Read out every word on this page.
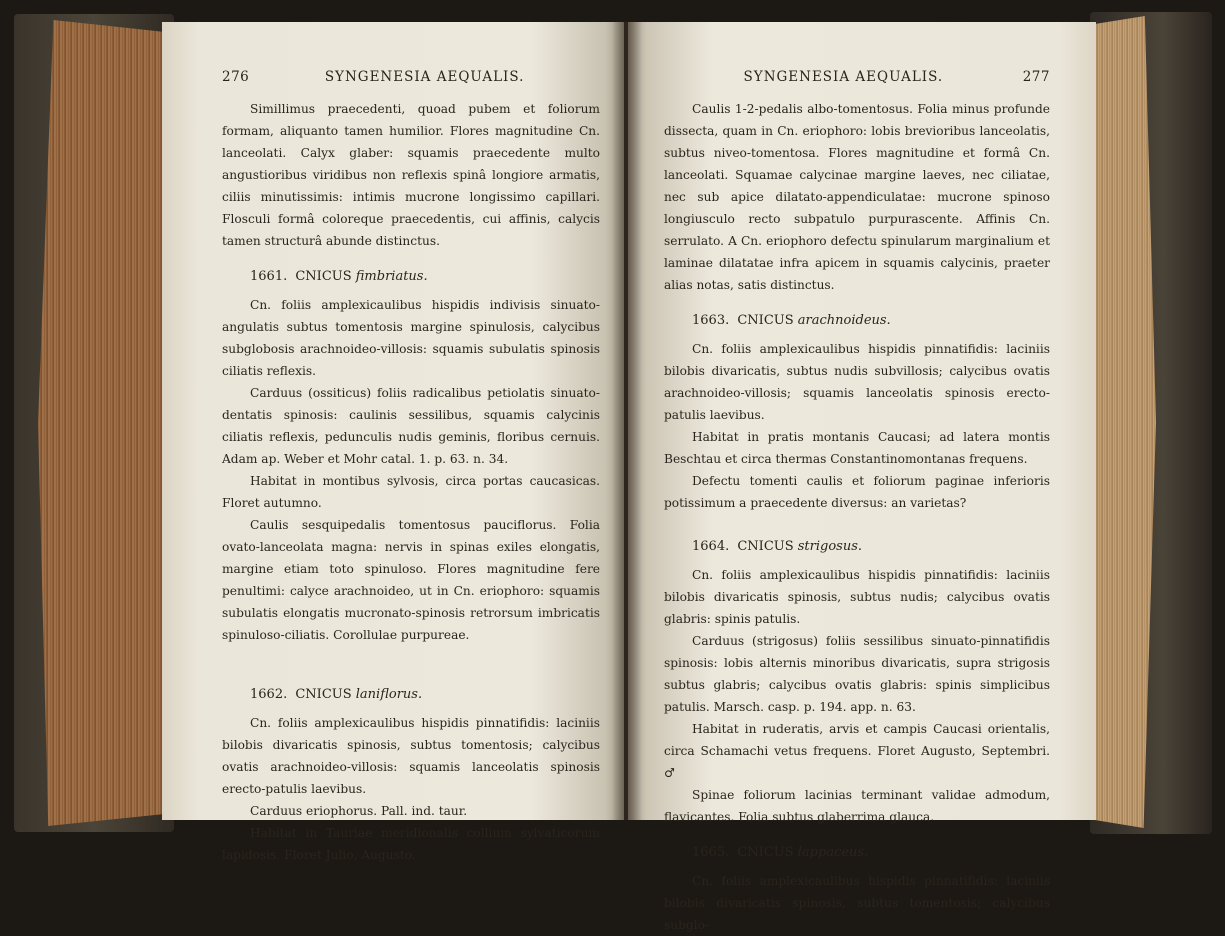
276	SYNGENESIA AEQUALIS.

Simillimus praecedenti, quoad pubem et foliorum formam, aliquanto tamen humilior. Flores magnitudine Cn. lanceolati. Calyx glaber: squamis praecedente multo angustioribus viridibus non reflexis spinâ longiore armatis, ciliis minutissimis: intimis mucrone longissimo capillari. Flosculi formâ coloreque praecedentis, cui affinis, calycis tamen structurâ abunde distinctus.

1661. CNICUS fimbriatus.

Cn. foliis amplexicaulibus hispidis indivisis sinuato-angulatis subtus tomentosis margine spinulosis, calycibus subglobosis arachnoideo-villosis: squamis subulatis spinosis ciliatis reflexis.

Carduus (ossiticus) foliis radicalibus petiolatis sinuato-dentatis spinosis: caulinis sessilibus, squamis calycinis ciliatis reflexis, pedunculis nudis geminis, floribus cernuis. Adam ap. Weber et Mohr catal. 1. p. 63. n. 34.

Habitat in montibus sylvosis, circa portas caucasicas. Floret autumno.

Caulis sesquipedalis tomentosus pauciflorus. Folia ovato-lanceolata magna: nervis in spinas exiles elongatis, margine etiam toto spinuloso. Flores magnitudine fere penultimi: calyce arachnoideo, ut in Cn. eriophoro: squamis subulatis elongatis mucronato-spinosis retrorsum imbricatis spinuloso-ciliatis. Corollulae purpureae.

1662. CNICUS laniflorus.

Cn. foliis amplexicaulibus hispidis pinnatifidis: laciniis bilobis divaricatis spinosis, subtus tomentosis; calycibus ovatis arachnoideo-villosis: squamis lanceolatis spinosis erecto-patulis laevibus.

Carduus eriophorus. Pall. ind. taur.

Habitat in Tauriae meridionalis collium sylvaticorum lapidosis. Floret Julio, Augusto.

SYNGENESIA AEQUALIS.	277

Caulis 1-2-pedalis albo-tomentosus. Folia minus profunde dissecta, quam in Cn. eriophoro: lobis brevioribus lanceolatis, subtus niveo-tomentosa. Flores magnitudine et formâ Cn. lanceolati. Squamae calycinae margine laeves, nec ciliatae, nec sub apice dilatato-appendiculatae: mucrone spinoso longiusculo recto subpatulo purpurascente. Affinis Cn. serrulato. A Cn. eriophoro defectu spinularum marginalium et laminae dilatatae infra apicem in squamis calycinis, praeter alias notas, satis distinctus.

1663. CNICUS arachnoideus.

Cn. foliis amplexicaulibus hispidis pinnatifidis: laciniis bilobis divaricatis, subtus nudis subvillosis; calycibus ovatis arachnoideo-villosis; squamis lanceolatis spinosis erecto-patulis laevibus.

Habitat in pratis montanis Caucasi; ad latera montis Beschtau et circa thermas Constantinomontanas frequens.

Defectu tomenti caulis et foliorum paginae inferioris potissimum a praecedente diversus: an varietas?

1664. CNICUS strigosus.

Cn. foliis amplexicaulibus hispidis pinnatifidis: laciniis bilobis divaricatis spinosis, subtus nudis; calycibus ovatis glabris: spinis patulis.

Carduus (strigosus) foliis sessilibus sinuato-pinnatifidis spinosis: lobis alternis minoribus divaricatis, supra strigosis subtus glabris; calycibus ovatis glabris: spinis simplicibus patulis. Marsch. casp. p. 194. app. n. 63.

Habitat in ruderatis, arvis et campis Caucasi orientalis, circa Schamachi vetus frequens. Floret Augusto, Septembri. ♂

Spinae foliorum lacinias terminant validae admodum, flavicantes. Folia subtus glaberrima glauca.

1665. CNICUS lappaceus.

Cn. foliis amplexicaulibus hispidis pinnatifidis: laciniis bilobis divaricatis spinosis, subtus tomentosis; calycibus subglo-
